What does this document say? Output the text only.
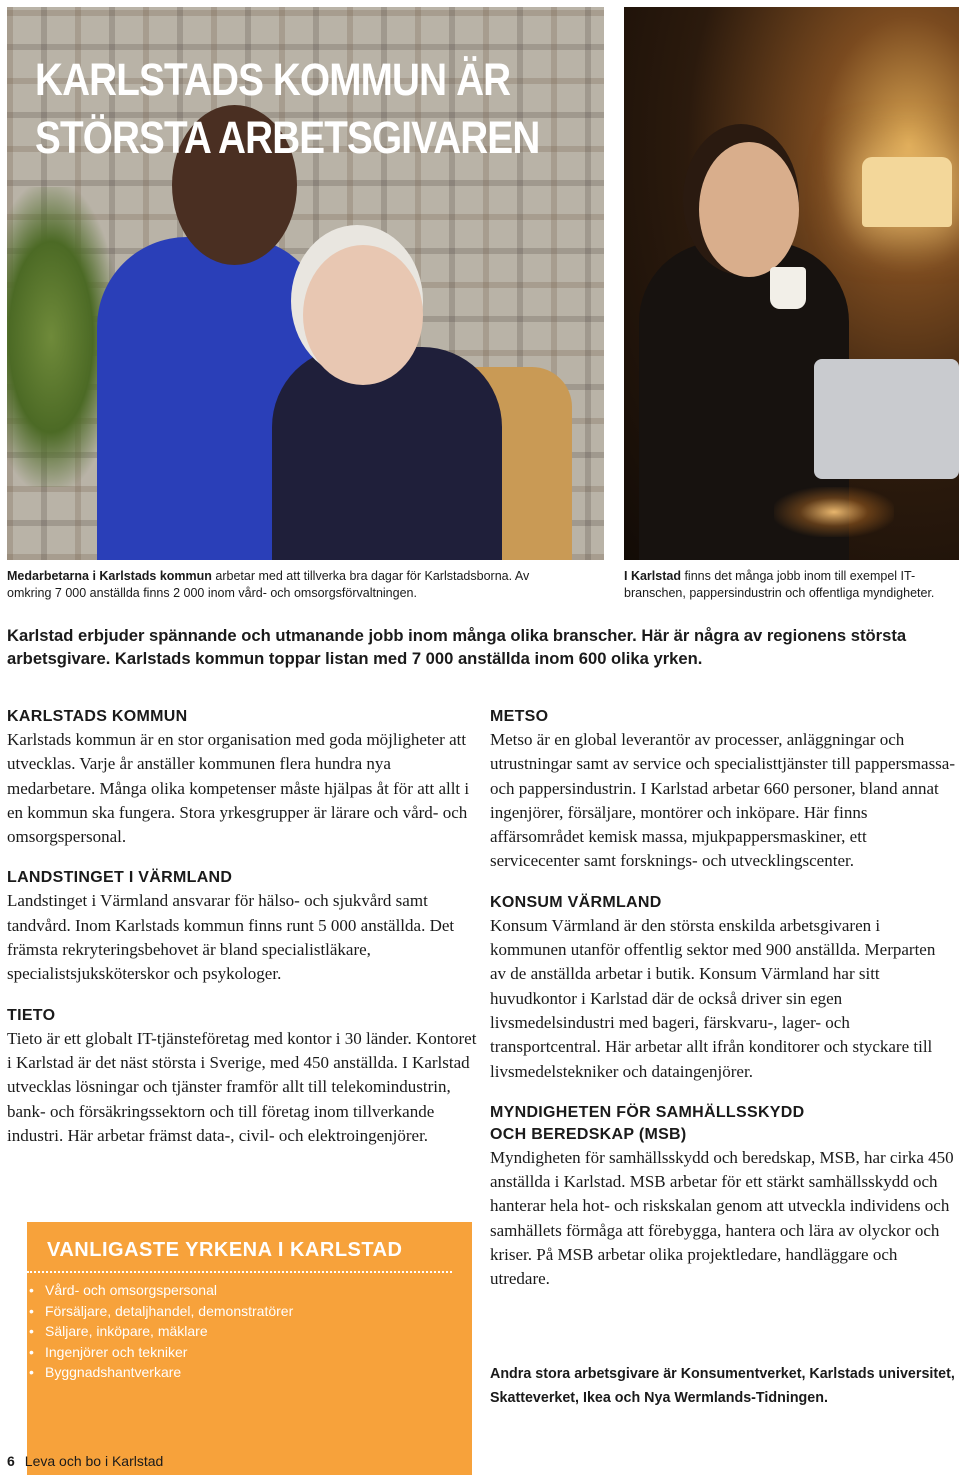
KARLSTADS KOMMUN ÄR
STÖRSTA ARBETSGIVAREN
Medarbetarna i Karlstads kommun arbetar med att tillverka bra dagar för Karlstadsborna. Av omkring 7 000 anställda finns 2 000 inom vård- och omsorgsförvaltningen.
I Karlstad finns det många jobb inom till exempel IT-branschen, pappersindustrin och offentliga myndigheter.
Karlstad erbjuder spännande och utmanande jobb inom många olika branscher. Här är några av regionens största arbetsgivare. Karlstads kommun toppar listan med 7 000 anställda inom 600 olika yrken.
KARLSTADS KOMMUN
Karlstads kommun är en stor organisation med goda möjligheter att utvecklas. Varje år anställer kommunen flera hundra nya medarbetare. Många olika kompetenser måste hjälpas åt för att allt i en kommun ska fungera. Stora yrkesgrupper är lärare och vård- och omsorgspersonal.
LANDSTINGET I VÄRMLAND
Landstinget i Värmland ansvarar för hälso- och sjukvård samt tandvård. Inom Karlstads kommun finns runt 5 000 anställda. Det främsta rekryteringsbehovet är bland specialistläkare, specialistsjuksköterskor och psykologer.
TIETO
Tieto är ett globalt IT-tjänsteföretag med kontor i 30 länder. Kontoret i Karlstad är det näst största i Sverige, med 450 anställda. I Karlstad utvecklas lösningar och tjänster framför allt till telekomindustrin, bank- och försäkringssektorn och till företag inom tillverkande industri. Här arbetar främst data-, civil- och elektroingenjörer.
METSO
Metso är en global leverantör av processer, anläggningar och utrustningar samt av service och specialisttjänster till pappersmassa- och pappersindustrin. I Karlstad arbetar 660 personer, bland annat ingenjörer, försäljare, montörer och inköpare. Här finns affärsområdet kemisk massa, mjukpappersmaskiner, ett servicecenter samt forsknings- och utvecklingscenter.
KONSUM VÄRMLAND
Konsum Värmland är den största enskilda arbetsgivaren i kommunen utanför offentlig sektor med 900 anställda. Merparten av de anställda arbetar i butik. Konsum Värmland har sitt huvudkontor i Karlstad där de också driver sin egen livsmedelsindustri med bageri, färskvaru-, lager- och transportcentral. Här arbetar allt ifrån konditorer och styckare till livsmedelstekniker och dataingenjörer.
MYNDIGHETEN FÖR SAMHÄLLSSKYDD
OCH BEREDSKAP (MSB)
Myndigheten för samhällsskydd och beredskap, MSB, har cirka 450 anställda i Karlstad. MSB arbetar för ett stärkt samhällsskydd och hanterar hela hot- och riskskalan genom att utveckla individens och samhällets förmåga att förebygga, hantera och lära av olyckor och kriser. På MSB arbetar olika projektledare, handläggare och utredare.
VANLIGASTE YRKENA I KARLSTAD
• Vård- och omsorgspersonal
• Försäljare, detaljhandel, demonstratörer
• Säljare, inköpare, mäklare
• Ingenjörer och tekniker
• Byggnadshantverkare	Andra stora arbetsgivare är Konsumentverket, Karlstads universitet, Skatteverket, Ikea och Nya Wermlands-Tidningen.
6 Leva och bo i Karlstad
